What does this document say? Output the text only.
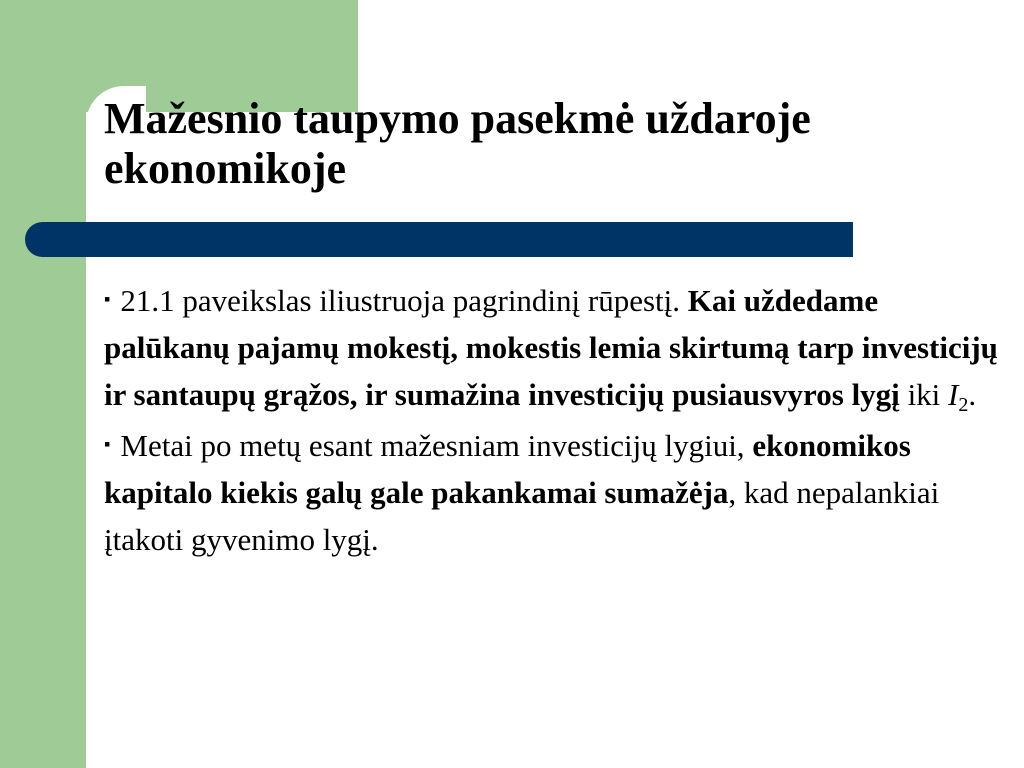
Mažesnio taupymo pasekmė uždaroje ekonomikoje

▪ 21.1 paveikslas iliustruoja pagrindinį rūpestį. Kai uždedame palūkanų pajamų mokestį, mokestis lemia skirtumą tarp investicijų ir santaupų grąžos, ir sumažina investicijų pusiausvyros lygį iki $I_2$.

▪ Metai po metų esant mažesniam investicijų lygiui, ekonomikos kapitalo kiekis galų gale pakankamai sumažėja, kad nepalankiai įtakoti gyvenimo lygį.
